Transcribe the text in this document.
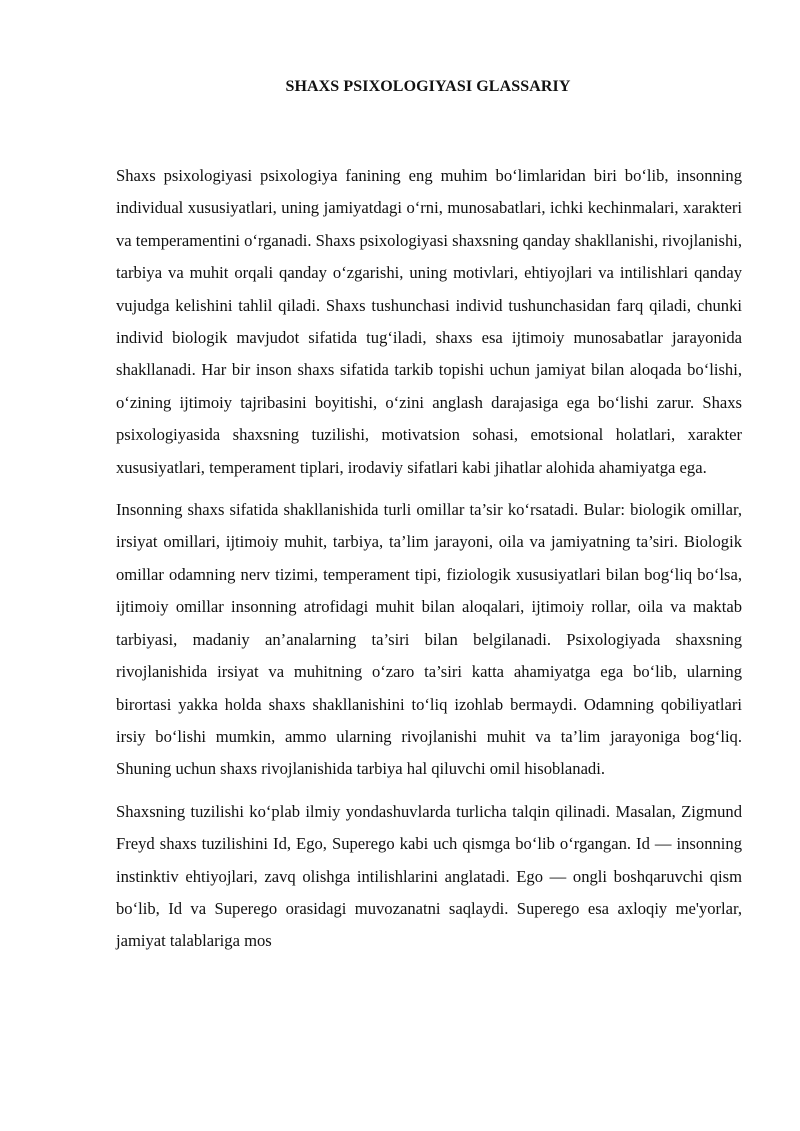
SHAXS PSIXOLOGIYASI GLASSARIY

Shaxs psixologiyasi psixologiya fanining eng muhim bo‘limlaridan biri bo‘lib, insonning individual xususiyatlari, uning jamiyatdagi o‘rni, munosabatlari, ichki kechinmalari, xarakteri va temperamentini o‘rganadi. Shaxs psixologiyasi shaxsning qanday shakllanishi, rivojlanishi, tarbiya va muhit orqali qanday o‘zgarishi, uning motivlari, ehtiyojlari va intilishlari qanday vujudga kelishini tahlil qiladi. Shaxs tushunchasi individ tushunchasidan farq qiladi, chunki individ biologik mavjudot sifatida tug‘iladi, shaxs esa ijtimoiy munosabatlar jarayonida shakllanadi. Har bir inson shaxs sifatida tarkib topishi uchun jamiyat bilan aloqada bo‘lishi, o‘zining ijtimoiy tajribasini boyitishi, o‘zini anglash darajasiga ega bo‘lishi zarur. Shaxs psixologiyasida shaxsning tuzilishi, motivatsion sohasi, emotsional holatlari, xarakter xususiyatlari, temperament tiplari, irodaviy sifatlari kabi jihatlar alohida ahamiyatga ega.

Insonning shaxs sifatida shakllanishida turli omillar ta’sir ko‘rsatadi. Bular: biologik omillar, irsiyat omillari, ijtimoiy muhit, tarbiya, ta’lim jarayoni, oila va jamiyatning ta’siri. Biologik omillar odamning nerv tizimi, temperament tipi, fiziologik xususiyatlari bilan bog‘liq bo‘lsa, ijtimoiy omillar insonning atrofidagi muhit bilan aloqalari, ijtimoiy rollar, oila va maktab tarbiyasi, madaniy an’analarning ta’siri bilan belgilanadi. Psixologiyada shaxsning rivojlanishida irsiyat va muhitning o‘zaro ta’siri katta ahamiyatga ega bo‘lib, ularning birortasi yakka holda shaxs shakllanishini to‘liq izohlab bermaydi. Odamning qobiliyatlari irsiy bo‘lishi mumkin, ammo ularning rivojlanishi muhit va ta’lim jarayoniga bog‘liq. Shuning uchun shaxs rivojlanishida tarbiya hal qiluvchi omil hisoblanadi.

Shaxsning tuzilishi ko‘plab ilmiy yondashuvlarda turlicha talqin qilinadi. Masalan, Zigmund Freyd shaxs tuzilishini Id, Ego, Superego kabi uch qismga bo‘lib o‘rgangan. Id — insonning instinktiv ehtiyojlari, zavq olishga intilishlarini anglatadi. Ego — ongli boshqaruvchi qism bo‘lib, Id va Superego orasidagi muvozanatni saqlaydi. Superego esa axloqiy me'yorlar, jamiyat talablariga mos
